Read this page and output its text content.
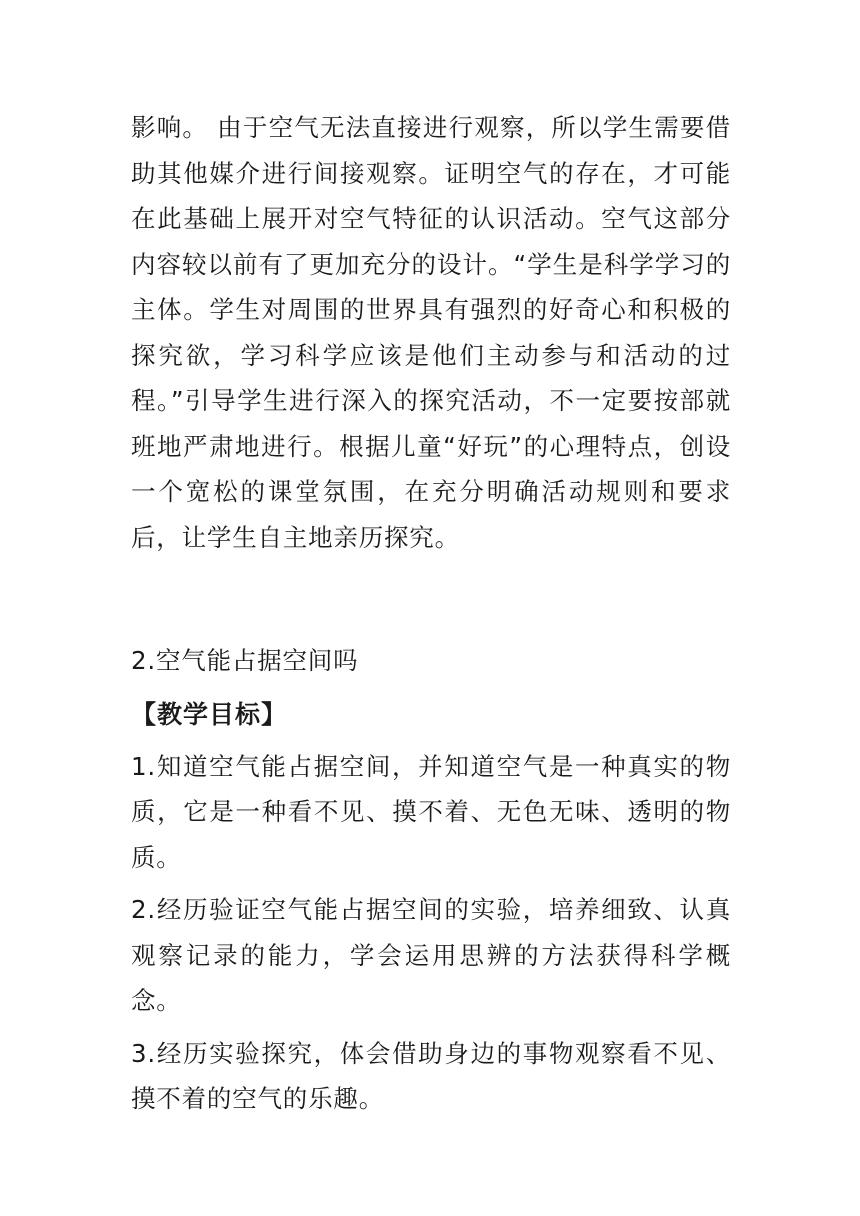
影响。 由于空气无法直接进行观察，所以学生需要借助其他媒介进行间接观察。证明空气的存在，才可能在此基础上展开对空气特征的认识活动。空气这部分内容较以前有了更加充分的设计。“学生是科学学习的主体。学生对周围的世界具有强烈的好奇心和积极的探究欲，学习科学应该是他们主动参与和活动的过程。”引导学生进行深入的探究活动，不一定要按部就班地严肃地进行。根据儿童“好玩”的心理特点，创设一个宽松的课堂氛围，在充分明确活动规则和要求后，让学生自主地亲历探究。

2.空气能占据空间吗
【教学目标】

1.知道空气能占据空间，并知道空气是一种真实的物质，它是一种看不见、摸不着、无色无味、透明的物质。

2.经历验证空气能占据空间的实验，培养细致、认真观察记录的能力，学会运用思辨的方法获得科学概念。

3.经历实验探究，体会借助身边的事物观察看不见、摸不着的空气的乐趣。
